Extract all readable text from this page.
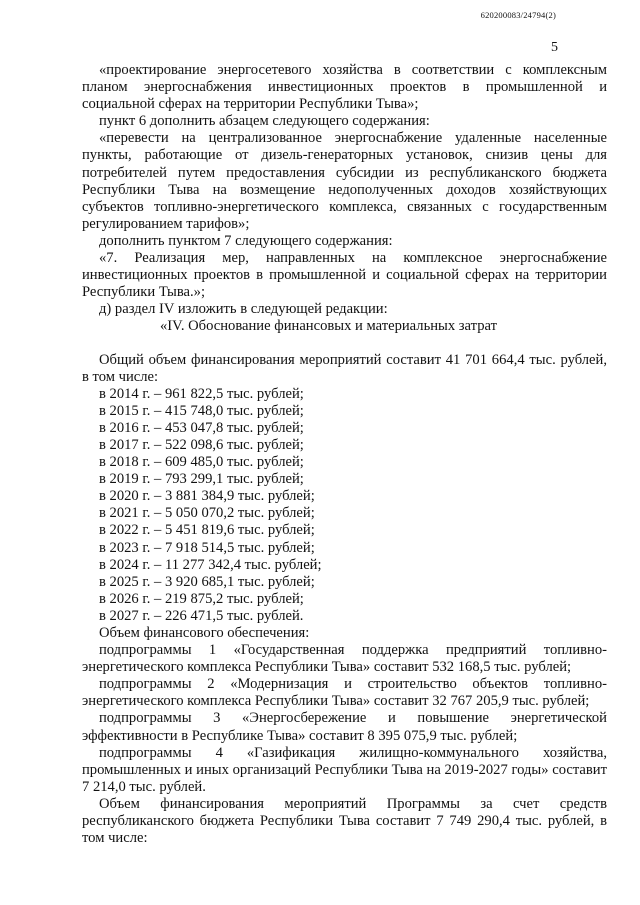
620200083/24794(2)
5

«проектирование энергосетевого хозяйства в соответствии с комплексным планом энергоснабжения инвестиционных проектов в промышленной и социальной сферах на территории Республики Тыва»;

пункт 6 дополнить абзацем следующего содержания:

«перевести на централизованное энергоснабжение удаленные населенные пункты, работающие от дизель-генераторных установок, снизив цены для потребителей путем предоставления субсидии из республиканского бюджета Республики Тыва на возмещение недополученных доходов хозяйствующих субъектов топливно-энергетического комплекса, связанных с государственным регулированием тарифов»;

дополнить пунктом 7 следующего содержания:

«7. Реализация мер, направленных на комплексное энергоснабжение инвестиционных проектов в промышленной и социальной сферах на территории Республики Тыва.»;

д) раздел IV изложить в следующей редакции:

«IV. Обоснование финансовых и материальных затрат

Общий объем финансирования мероприятий составит 41 701 664,4 тыс. рублей, в том числе:

в 2014 г. – 961 822,5 тыс. рублей;
в 2015 г. – 415 748,0 тыс. рублей;
в 2016 г. – 453 047,8 тыс. рублей;
в 2017 г. – 522 098,6 тыс. рублей;
в 2018 г. – 609 485,0 тыс. рублей;
в 2019 г. – 793 299,1 тыс. рублей;
в 2020 г. – 3 881 384,9 тыс. рублей;
в 2021 г. – 5 050 070,2 тыс. рублей;
в 2022 г. – 5 451 819,6 тыс. рублей;
в 2023 г. – 7 918 514,5 тыс. рублей;
в 2024 г. – 11 277 342,4 тыс. рублей;
в 2025 г. – 3 920 685,1 тыс. рублей;
в 2026 г. – 219 875,2 тыс. рублей;
в 2027 г. – 226 471,5 тыс. рублей.

Объем финансового обеспечения:

подпрограммы 1 «Государственная поддержка предприятий топливно-энергетического комплекса Республики Тыва» составит 532 168,5 тыс. рублей;

подпрограммы 2 «Модернизация и строительство объектов топливно-энергетического комплекса Республики Тыва» составит 32 767 205,9 тыс. рублей;

подпрограммы 3 «Энергосбережение и повышение энергетической эффективности в Республике Тыва» составит 8 395 075,9 тыс. рублей;

подпрограммы 4 «Газификация жилищно-коммунального хозяйства, промышленных и иных организаций Республики Тыва на 2019-2027 годы» составит 7 214,0 тыс. рублей.

Объем финансирования мероприятий Программы за счет средств республиканского бюджета Республики Тыва составит 7 749 290,4 тыс. рублей, в том числе:
